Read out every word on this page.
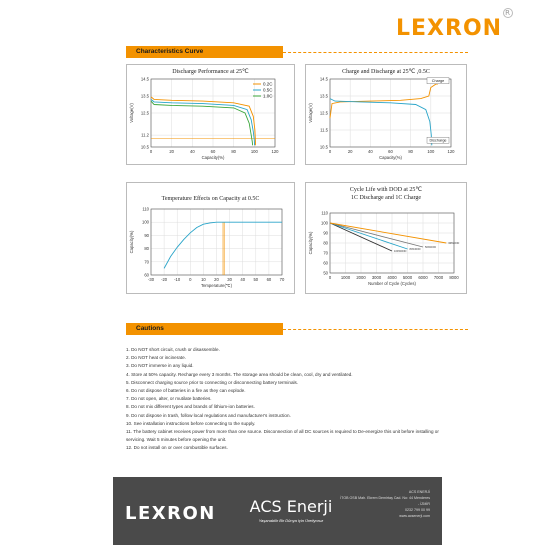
$LEXRON^R$
Characteristics Curve
Discharge Performance at 25℃
0	20	40	60	80	100	120
14.5
13.5
12.5
11.2
10.5
Capacity(%)
Voltage(V)
0.2C
0.5C
1.0C
Charge and Discharge at 25℃ ,0.5C
0	20	40	60	80	100	120
14.5
13.5
12.5
11.5
10.5
Capacity(%)
Voltage(V)
Charge
Discharge
Temperature Effects on Capacity at 0.5C
-30 -20 -10 0 10 20 30 40 50 60 70
60
70
80
90
100
110
Temperature(℃)
Capacity(%)
Cycle Life with DOD at 25℃
1C Discharge and 1C Charge
0 1000 2000 3000 4000 5000 6000 7000 8000
50
60
70
80
90
100
110
Number of Cycle (Cycles)
Capacity(%)	100%DOD
80%DOD
50%DOD
30%DOD
Cautions
1. Do NOT short circuit, crush or disassemble.
2. Do NOT heat or incinerate.
3. Do NOT immerse in any liquid.
4. Store at 50% capacity. Recharge every 3 months. The storage area should be clean, cool, dry and ventilated.
5. Disconnect charging source prior to connecting or disconnecting battery terminals.
6. Do not dispose of batteries in a fire as they can explode.
7. Do not open, alter, or mutilate batteries.
8. Do not mix different types and brands of lithium-ion batteries.
9. Do not dispose in trash, follow local regulations and manufacturer's instruction.
10. See installation instructions before connecting to the supply.
11. The battery cabinet receives power from more than one source. Disconnection of all DC sources is required to De-energize this unit before installing or
servicing. Wait 5 minutes before opening the unit.
12. Do not install on or over combustible surfaces.
LEXRON ACS Enerji
Yaşanabilir Bir Dünya için Üretiyoruz
ACS ENERJİ
İTOB OSB Mah. Ekrem Demirtaş Cad. No: 44 Menderes - İZMİR
0232 799 00 99
www.acsenerji.com
